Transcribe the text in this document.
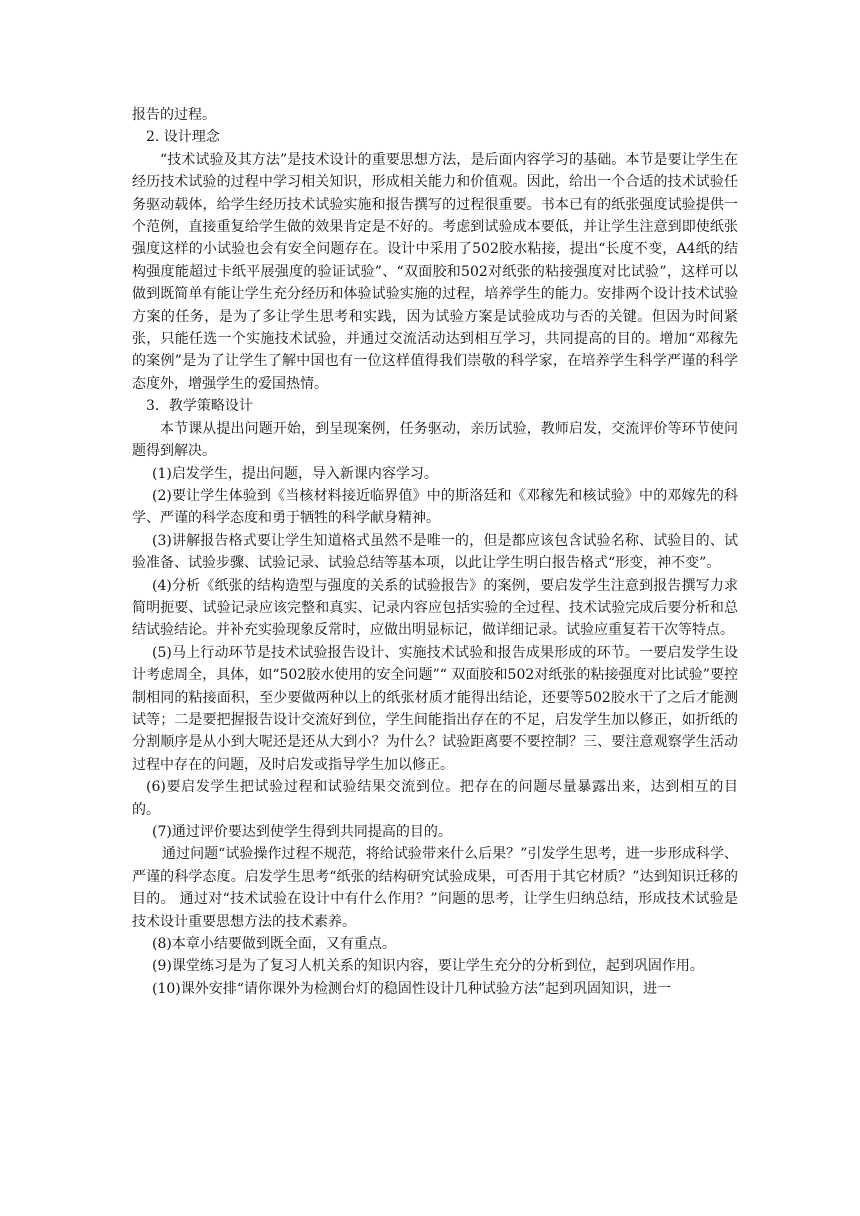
报告的过程。

2. 设计理念

“技术试验及其方法”是技术设计的重要思想方法，是后面内容学习的基础。本节是要让学生在经历技术试验的过程中学习相关知识，形成相关能力和价值观。因此，给出一个合适的技术试验任务驱动载体，给学生经历技术试验实施和报告撰写的过程很重要。书本已有的纸张强度试验提供一个范例，直接重复给学生做的效果肯定是不好的。考虑到试验成本要低，并让学生注意到即使纸张强度这样的小试验也会有安全问题存在。设计中采用了502胶水粘接，提出“长度不变，A4纸的结构强度能超过卡纸平展强度的验证试验”、“双面胶和502对纸张的粘接强度对比试验”，这样可以做到既简单有能让学生充分经历和体验试验实施的过程，培养学生的能力。安排两个设计技术试验方案的任务，是为了多让学生思考和实践，因为试验方案是试验成功与否的关键。但因为时间紧张，只能任选一个实施技术试验，并通过交流活动达到相互学习，共同提高的目的。增加“邓稼先的案例”是为了让学生了解中国也有一位这样值得我们崇敬的科学家，在培养学生科学严谨的科学态度外，增强学生的爱国热情。

3．教学策略设计

本节课从提出问题开始，到呈现案例，任务驱动，亲历试验，教师启发，交流评价等环节使问题得到解决。

(1)启发学生，提出问题，导入新课内容学习。

(2)要让学生体验到《当核材料接近临界值》中的斯洛廷和《邓稼先和核试验》中的邓嫁先的科学、严谨的科学态度和勇于牺牲的科学献身精神。

(3)讲解报告格式要让学生知道格式虽然不是唯一的，但是都应该包含试验名称、试验目的、试验准备、试验步骤、试验记录、试验总结等基本项，以此让学生明白报告格式“形变，神不变”。

(4)分析《纸张的结构造型与强度的关系的试验报告》的案例，要启发学生注意到报告撰写力求简明扼要、试验记录应该完整和真实、记录内容应包括实验的全过程、技术试验完成后要分析和总结试验结论。并补充实验现象反常时，应做出明显标记，做详细记录。试验应重复若干次等特点。

(5)马上行动环节是技术试验报告设计、实施技术试验和报告成果形成的环节。一要启发学生设计考虑周全，具体，如“502胶水使用的安全问题”“ 双面胶和502对纸张的粘接强度对比试验”要控制相同的粘接面积，至少要做两种以上的纸张材质才能得出结论，还要等502胶水干了之后才能测试等；二是要把握报告设计交流好到位，学生间能指出存在的不足，启发学生加以修正，如折纸的分割顺序是从小到大呢还是还从大到小？为什么？试验距离要不要控制？三、要注意观察学生活动过程中存在的问题，及时启发或指导学生加以修正。

(6)要启发学生把试验过程和试验结果交流到位。把存在的问题尽量暴露出来，达到相互的目的。

(7)通过评价要达到使学生得到共同提高的目的。

通过问题“试验操作过程不规范，将给试验带来什么后果？”引发学生思考，进一步形成科学、严谨的科学态度。启发学生思考“纸张的结构研究试验成果，可否用于其它材质？”达到知识迁移的目的。 通过对“技术试验在设计中有什么作用？”问题的思考，让学生归纳总结，形成技术试验是技术设计重要思想方法的技术素养。

(8)本章小结要做到既全面，又有重点。

(9)课堂练习是为了复习人机关系的知识内容，要让学生充分的分析到位，起到巩固作用。

(10)课外安排“请你课外为检测台灯的稳固性设计几种试验方法”起到巩固知识，进一
